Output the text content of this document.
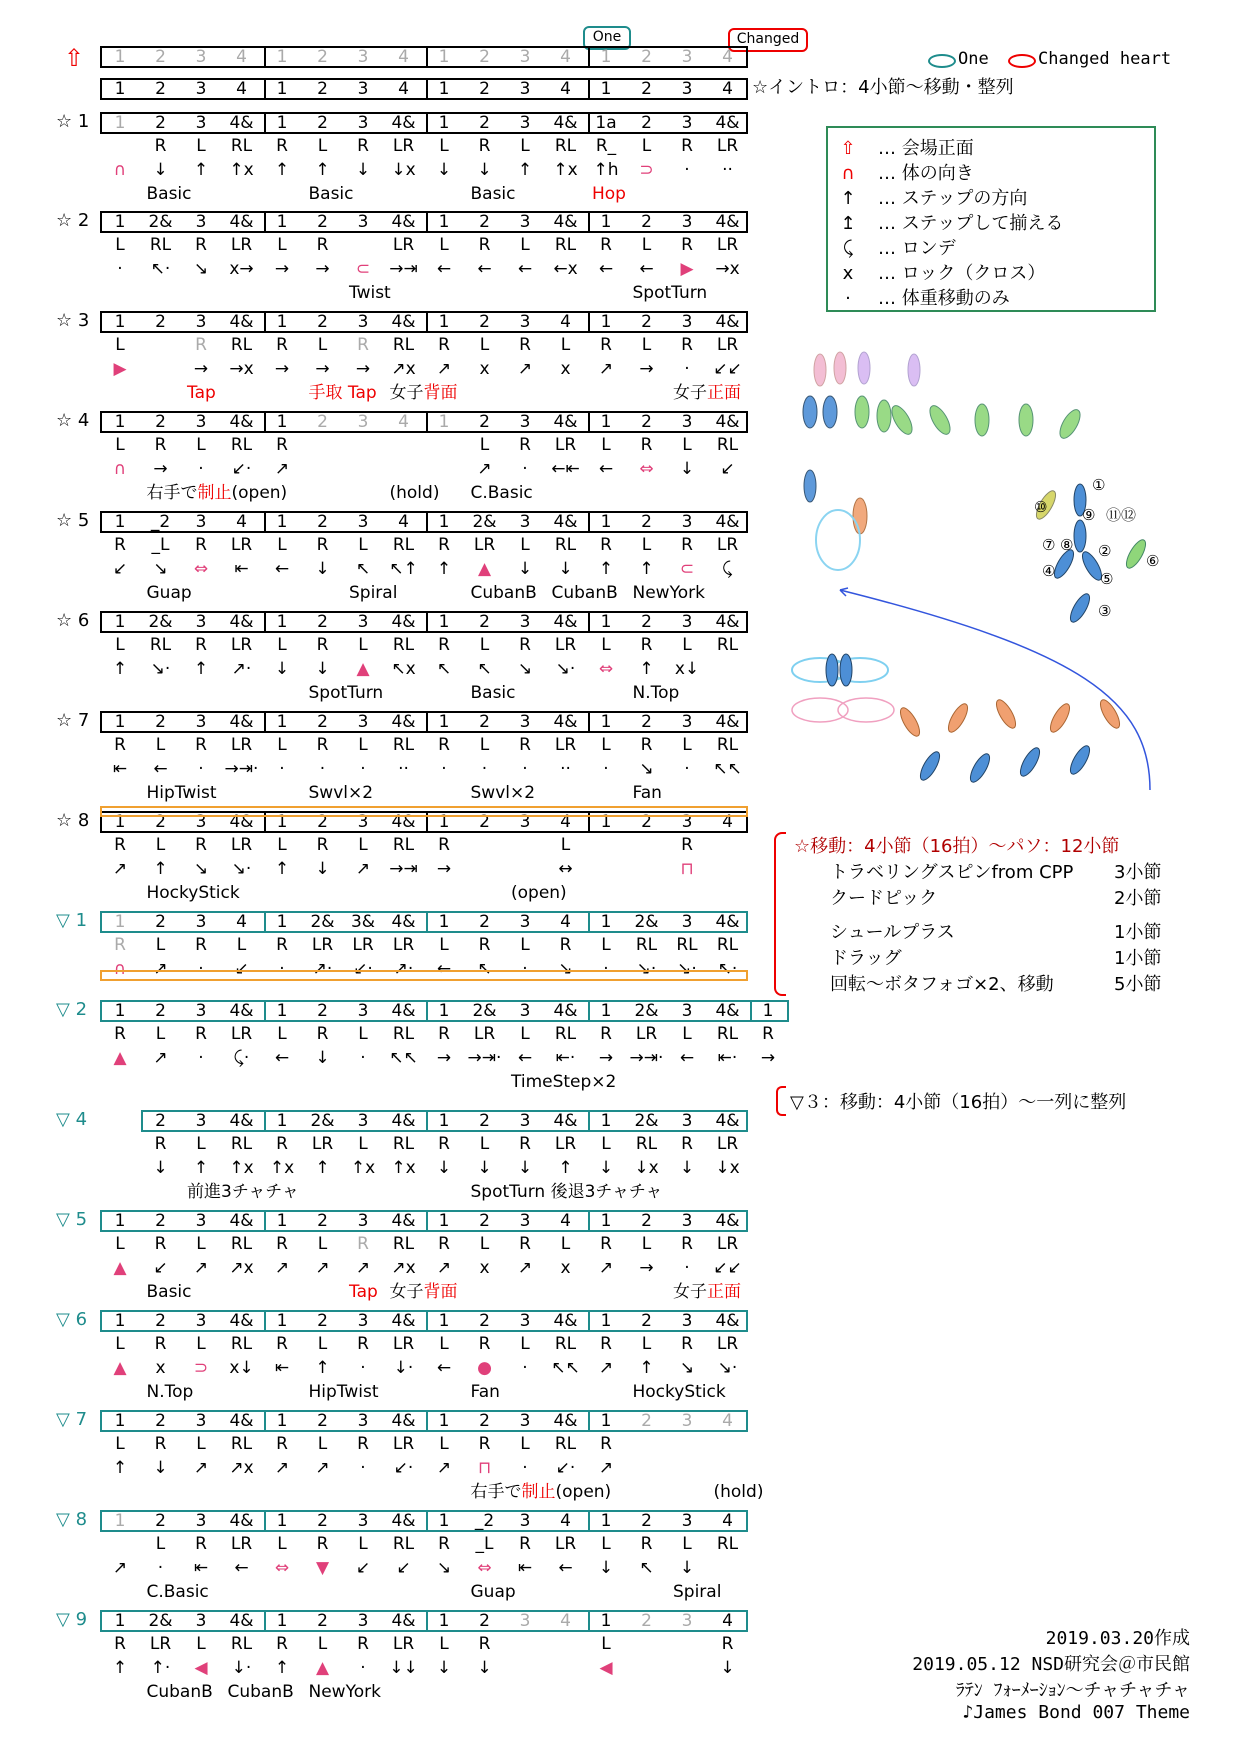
⇧
One	Changed
One	Changed heart
☆イントロ：4小節～移動・整列
⇧ … 会場正面
∩ … 体の向き
↑ … ステップの方向
↥ … ステップして揃える
⤹ … ロンデ
x … ロック（クロス）
· … 体重移動のみ
1	2	3	4	1	2	3	4	1	2	3	4	1	2	3	4
1	2	3	4	1	2	3	4	1	2	3	4	1	2	3	4
☆ 1	1	2	3	4&	1	2	3	4&	1	2	3	4&	1a	2	3	4&
R	L	RL	R	L	R	LR	L	R	L	RL	R_	L	R	LR
∩	↓	↑	↑x	↑	↑	↓	↓x	↓	↓	↑	↑x ↑h	⊃	·	··
Basic	Basic	Basic	Hop
☆ 2	1	2&	3	4&	1	2	3	4&	1	2	3	4&	1	2	3	4&
L	RL	R	LR	L	R	LR	L	R	L	RL	R	L	R	LR
·	↖·	↘	x→	→	→	⊂	→⇥	←	←	←	←x	←	←	▶	→x
Twist	SpotTurn
☆ 3	1	2	3	4&	1	2	3	4&	1	2	3	4	1	2	3	4&
L	R	RL	R	L	R	RL	R	L	R	L	R	L	R	LR
▶	→	→x	→	→	→	↗x	↗	x	↗	x	↗	→	·	↙↙
Tap	手取 Tap 女子背面	女子正面
☆ 4	1	2	3	4&	1	2	3	4	1	2	3	4&	1	2	3	4&
L	R	L	RL	R	L	R	LR	L	R	L	RL
∩	→	·	↙·	↗	↗	·	←⇤	←	⇔	↓	↙
右手で制止(open)	(hold) C.Basic
☆ 5	1	_2	3	4	1	2	3	4	1	2&	3	4&	1	2	3	4&
R	_L	R	LR	L	R	L	RL	R	LR	L	RL	R	L	R	LR
↙	↘	⇔	⇤	←	↓	↖	↖↑	↑	▲	↓	↓	↑	↑	⊂	⤹
Guap	Spiral	CubanB CubanB NewYork
☆ 6	1	2&	3	4&	1	2	3	4&	1	2	3	4&	1	2	3	4&
L	RL	R	LR	L	R	L	RL	R	L	R	LR	L	R	L	RL
↑	↘·	↑	↗·	↓	↓	▲	↖x	↖	↖	↘	↘·	⇔	↑	x↓
SpotTurn	Basic	N.Top
☆ 7	1	2	3	4&	1	2	3	4&	1	2	3	4&	1	2	3	4&
R	L	R	LR	L	R	L	RL	R	L	R	LR	L	R	L	RL
⇤	←	·	→⇥·	·	·	·	··	·	·	·	··	·	↘	·	↖↖
HipTwist	Swvl×2	Swvl×2	Fan
☆ 8	1	2	3	4&	1	2	3	4&	1	2	3	4	1	2	3	4
R	L	R	LR	L	R	L	RL	R	L	R
↗	↑	↘	↘·	↑	↓	↗	→⇥	→	↔	⊓
HockyStick	(open)
▽ 1	1	2	3	4	1	2& 3& 4&	1	2	3	4	1	2&	3	4&
R	L	R	L	R	LR	LR	LR	L	R	L	R	L	RL	RL	RL
∩	↗	·	↙	·	↗·	↙·	↗·	←	↖	·	↘	·	↘·	↘·	↖·
▽ 2	1	2	3	4&	1	2	3	4&	1	2&	3	4&	1	2&	3	4&	1
R	L	R	LR	L	R	L	RL	R	LR	L	RL	R	LR	L	RL	R
▲	↗	·	⤹·	←	↓	·	↖↖	→ →⇥· ←	⇤·	→ →⇥· ←	⇤·	→
TimeStep×2
▽ 4	2	3	4&	1	2&	3	4&	1	2	3	4&	1	2&	3	4&
R	L	RL	R	LR	L	RL	R	L	R	LR	L	RL	R	LR
↓	↑	↑x ↑x	↑	↑x ↑x	↓	↓	↓	↑	↓	↓x	↓	↓x
前進3チャチャ	SpotTurn 後退3チャチャ
▽ 5	1	2	3	4&	1	2	3	4&	1	2	3	4	1	2	3	4&
L	R	L	RL	R	L	R	RL	R	L	R	L	R	L	R	LR
▲	↙	↗	↗x	↗	↗	↗	↗x	↗	x	↗	x	↗	→	·	↙↙
Basic	Tap 女子背面	女子正面
▽ 6	1	2	3	4&	1	2	3	4&	1	2	3	4&	1	2	3	4&
L	R	L	RL	R	L	R	LR	L	R	L	RL	R	L	R	LR
▲	x	⊃	x↓	⇤	↑	·	↓·	←	●	·	↖↖	↗	↑	↘	↘·
N.Top	HipTwist	Fan	HockyStick
▽ 7	1	2	3	4&	1	2	3	4&	1	2	3	4&	1	2	3	4
L	R	L	RL	R	L	R	LR	L	R	L	RL	R
↑	↓	↗	↗x	↗	↗	·	↙·	↗	⊓	·	↙·	↗
右手で制止(open)	(hold)
▽ 8	1	2	3	4&	1	2	3	4&	1	_2	3	4	1	2	3	4
L	R	LR	L	R	L	RL	R	_L	R	LR	L	R	L	RL
↗	·	⇤	←	⇔	▼	↙	↙	↘	⇔	⇤	←	↓	↖	↓
C.Basic	Guap	Spiral
▽ 9	1	2&	3	4&	1	2	3	4&	1	2	3	4	1	2	3	4
R	LR	L	RL	R	L	R	LR	L	R	L	R
↑	↑·	◀	↓·	↑	▲	·	↓↓	↓	↓	◀	↓
CubanB CubanB NewYork
☆移動：4小節（16拍）～パソ：12小節
トラベリングスピンfrom CPP 3小節
クードピック	2小節
シュールプラス	1小節
ドラッグ	1小節
回転～ボタフォゴ×2、移動	5小節
▽３：移動：4小節（16拍）～一列に整列
①
②
③
④	⑤
⑥
⑦ ⑧
⑨
⑩	⑪⑫
2019.03.20作成
2019.05.12 NSD研究会＠市民館
ﾗﾃﾝ ﾌｫｰﾒｰｼｮﾝ～チャチャチャ
♪James Bond 007 Theme
